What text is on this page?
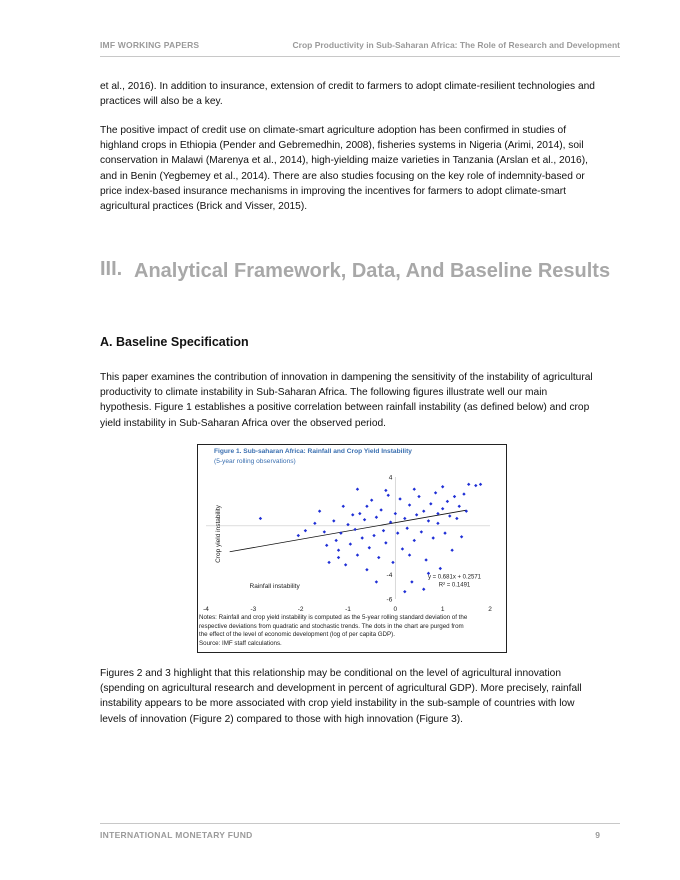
IMF WORKING PAPERS	Crop Productivity in Sub-Saharan Africa: The Role of Research and Development

et al., 2016). In addition to insurance, extension of credit to farmers to adopt climate-resilient technologies and practices will also be a key.

The positive impact of credit use on climate-smart agriculture adoption has been confirmed in studies of highland crops in Ethiopia (Pender and Gebremedhin, 2008), fisheries systems in Nigeria (Arimi, 2014), soil conservation in Malawi (Marenya et al., 2014), high-yielding maize varieties in Tanzania (Arslan et al., 2016), and in Benin (Yegbemey et al., 2014). There are also studies focusing on the key role of indemnity-based or price index-based insurance mechanisms in improving the incentives for farmers to adopt climate-smart agricultural practices (Brick and Visser, 2015).

III. Analytical Framework, Data, And Baseline Results
A. Baseline Specification

This paper examines the contribution of innovation in dampening the sensitivity of the instability of agricultural productivity to climate instability in Sub-Saharan Africa. The following figures illustrate well our main hypothesis. Figure 1 establishes a positive correlation between rainfall instability (as defined below) and crop yield instability in Sub-Saharan Africa over the observed period.

Figure 1. Sub-saharan Africa: Rainfall and Crop Yield Instability
(5-year rolling observations)
-4	-3	-2	-1	0	1	2
4
-4
-6
Rainfall instability
Crop yield instability
y = 0.681x + 0.2571
R² = 0.1491
Notes: Rainfall and crop yield instability is computed as the 5-year rolling standard deviation of the
respective deviations from quadratic and stochastic trends. The dots in the chart are purged from
the effect of the level of economic development (log of per capita GDP).
Source: IMF staff calculations.

Figures 2 and 3 highlight that this relationship may be conditional on the level of agricultural innovation (spending on agricultural research and development in percent of agricultural GDP). More precisely, rainfall instability appears to be more associated with crop yield instability in the sub-sample of countries with low levels of innovation (Figure 2) compared to those with high innovation (Figure 3).

INTERNATIONAL MONETARY FUND	9
